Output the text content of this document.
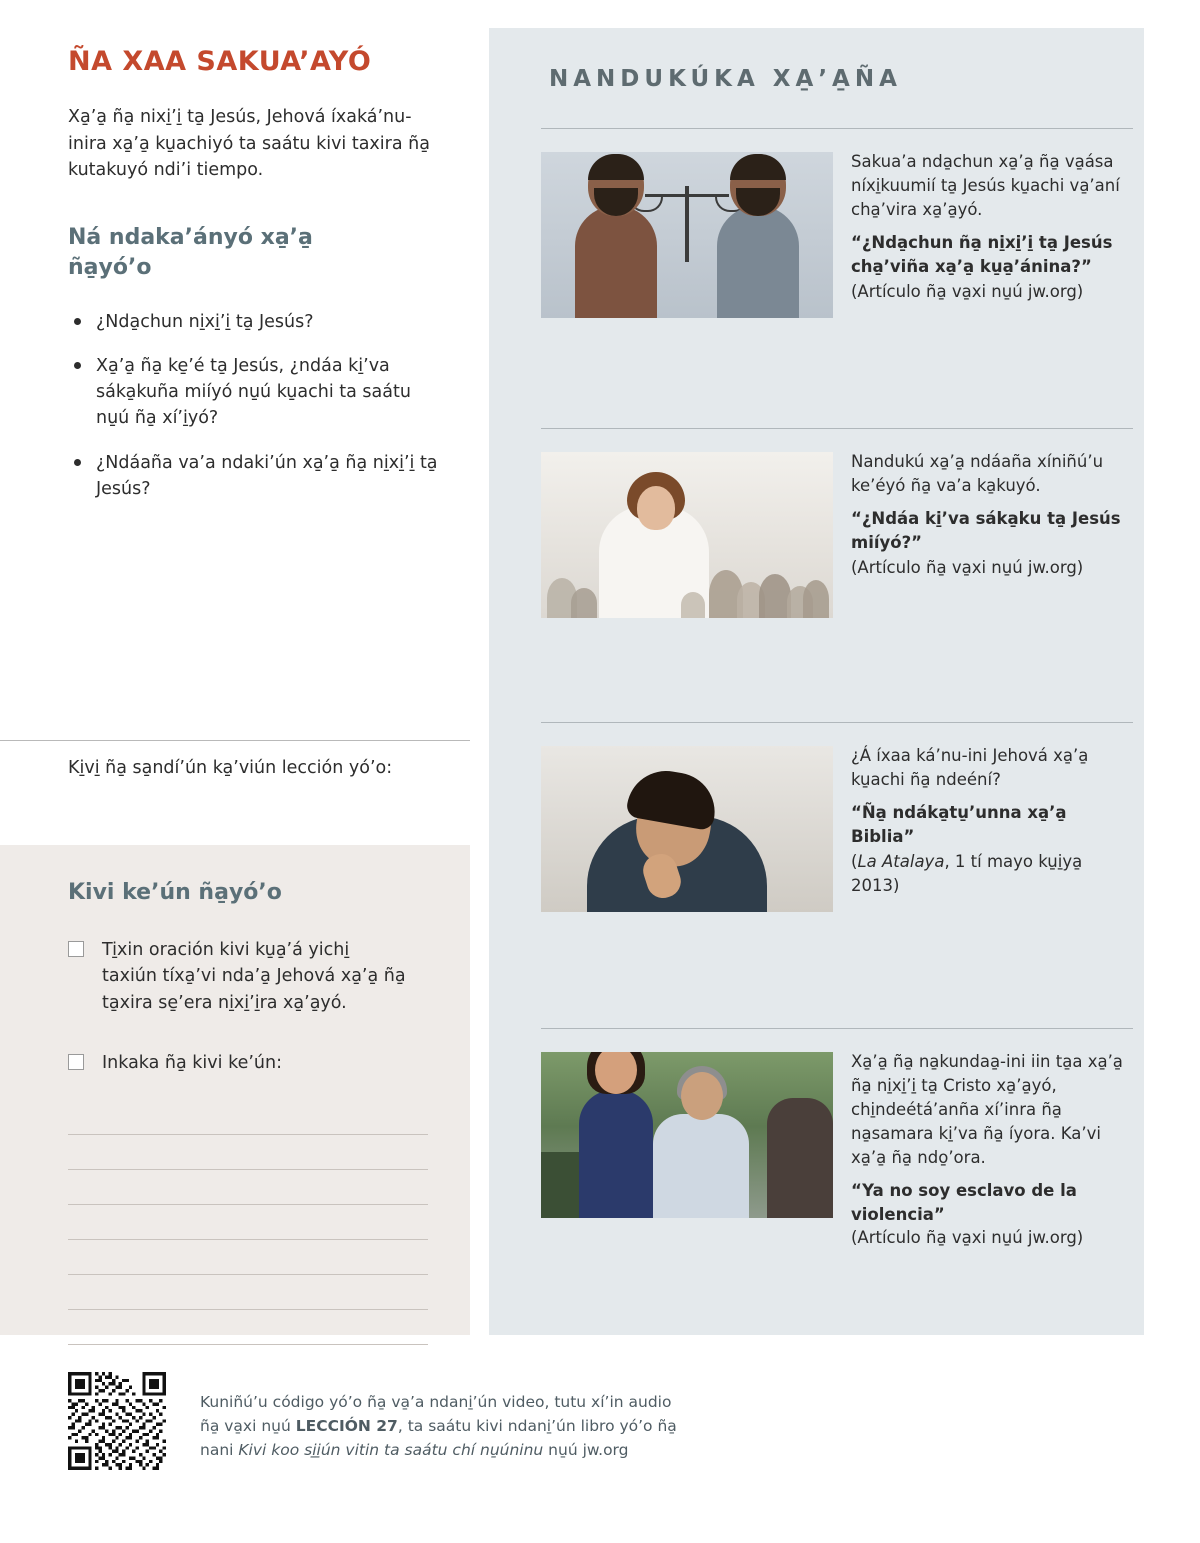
NANDUKÚKA XA̱’A̱ÑA
Sakua’a nda̱chun xa̱’a̱ ña̱ va̱ása níxi̱kuumií ta̱ Jesús ku̱achi va̱’aní cha̱’vira xa̱’a̱yó.
“¿Nda̱chun ña̱ ni̱xi̱’i̱ ta̱ Jesús cha̱’viña xa̱’a̱ ku̱a̱’ánina?”
(Artículo ña̱ va̱xi nu̱ú jw.org)
Nandukú xa̱’a̱ ndáaña xíniñú’u ke’éyó ña̱ va’a ka̱kuyó.
“¿Ndáa ki̱’va sáka̱ku ta̱ Jesús miíyó?”
(Artículo ña̱ va̱xi nu̱ú jw.org)
¿Á íxaa ká’nu-ini Jehová xa̱’a̱ ku̱achi ña̱ ndeéní?
“Ña̱ ndáka̱tu̱’unna xa̱’a̱ Biblia”
(La Atalaya, 1 tí mayo ku̱i̱ya̱ 2013)
Xa̱’a̱ ña̱ na̱kundaa̱-ini iin ta̱a xa̱’a̱ ña̱ ni̱xi̱’i̱ ta̱ Cristo xa̱’a̱yó, chi̱ndeétá’anña xí’inra ña̱ na̱samara ki̱’va ña̱ íyora. Ka’vi xa̱’a̱ ña̱ ndo̱’ora.
“Ya no soy esclavo de la violencia”
(Artículo ña̱ va̱xi nu̱ú jw.org)
ÑA XAA SAKUA’AYÓ
Xa̱’a̱ ña̱ nixi̱’i̱ ta̱ Jesús, Jehová íxaká’nu-inira xa̱’a̱ ku̱achiyó ta saátu kivi taxira ña̱ kutakuyó ndi’i tiempo.
Ná ndaka’ányó xa̱’a̱ ña̱yó’o
¿Nda̱chun ni̱xi̱’i̱ ta̱ Jesús?
Xa̱’a̱ ña̱ ke̱’é ta̱ Jesús, ¿ndáa ki̱’va sáka̱kuña miíyó nu̱ú ku̱achi ta saátu nu̱ú ña̱ xí’i̱yó?
¿Ndáaña va’a ndaki’ún xa̱’a̱ ña̱ ni̱xi̱’i̱ ta̱ Jesús?
Ki̱vi̱ ña̱ sa̱ndí’ún ka̱’viún lección yó’o:
Kivi ke’ún ña̱yó’o
Ti̱xin oración kivi ku̱a̱’á yichi̱ taxiún tíxa̱’vi nda’a̱ Jehová xa̱’a̱ ña̱ ta̱xira se̱’era ni̱xi̱’i̱ra xa̱’a̱yó.
Inkaka ña̱ kivi ke’ún:
Kuniñú’u código yó’o ña̱ va̱’a ndani̱’ún video, tutu xí’in audio
ña̱ va̱xi nu̱ú LECCIÓN 27, ta saátu kivi ndani̱’ún libro yó’o ña̱
nani Kivi koo si̱i̱ún vitin ta saátu chí nu̱úninu nu̱ú jw.org
